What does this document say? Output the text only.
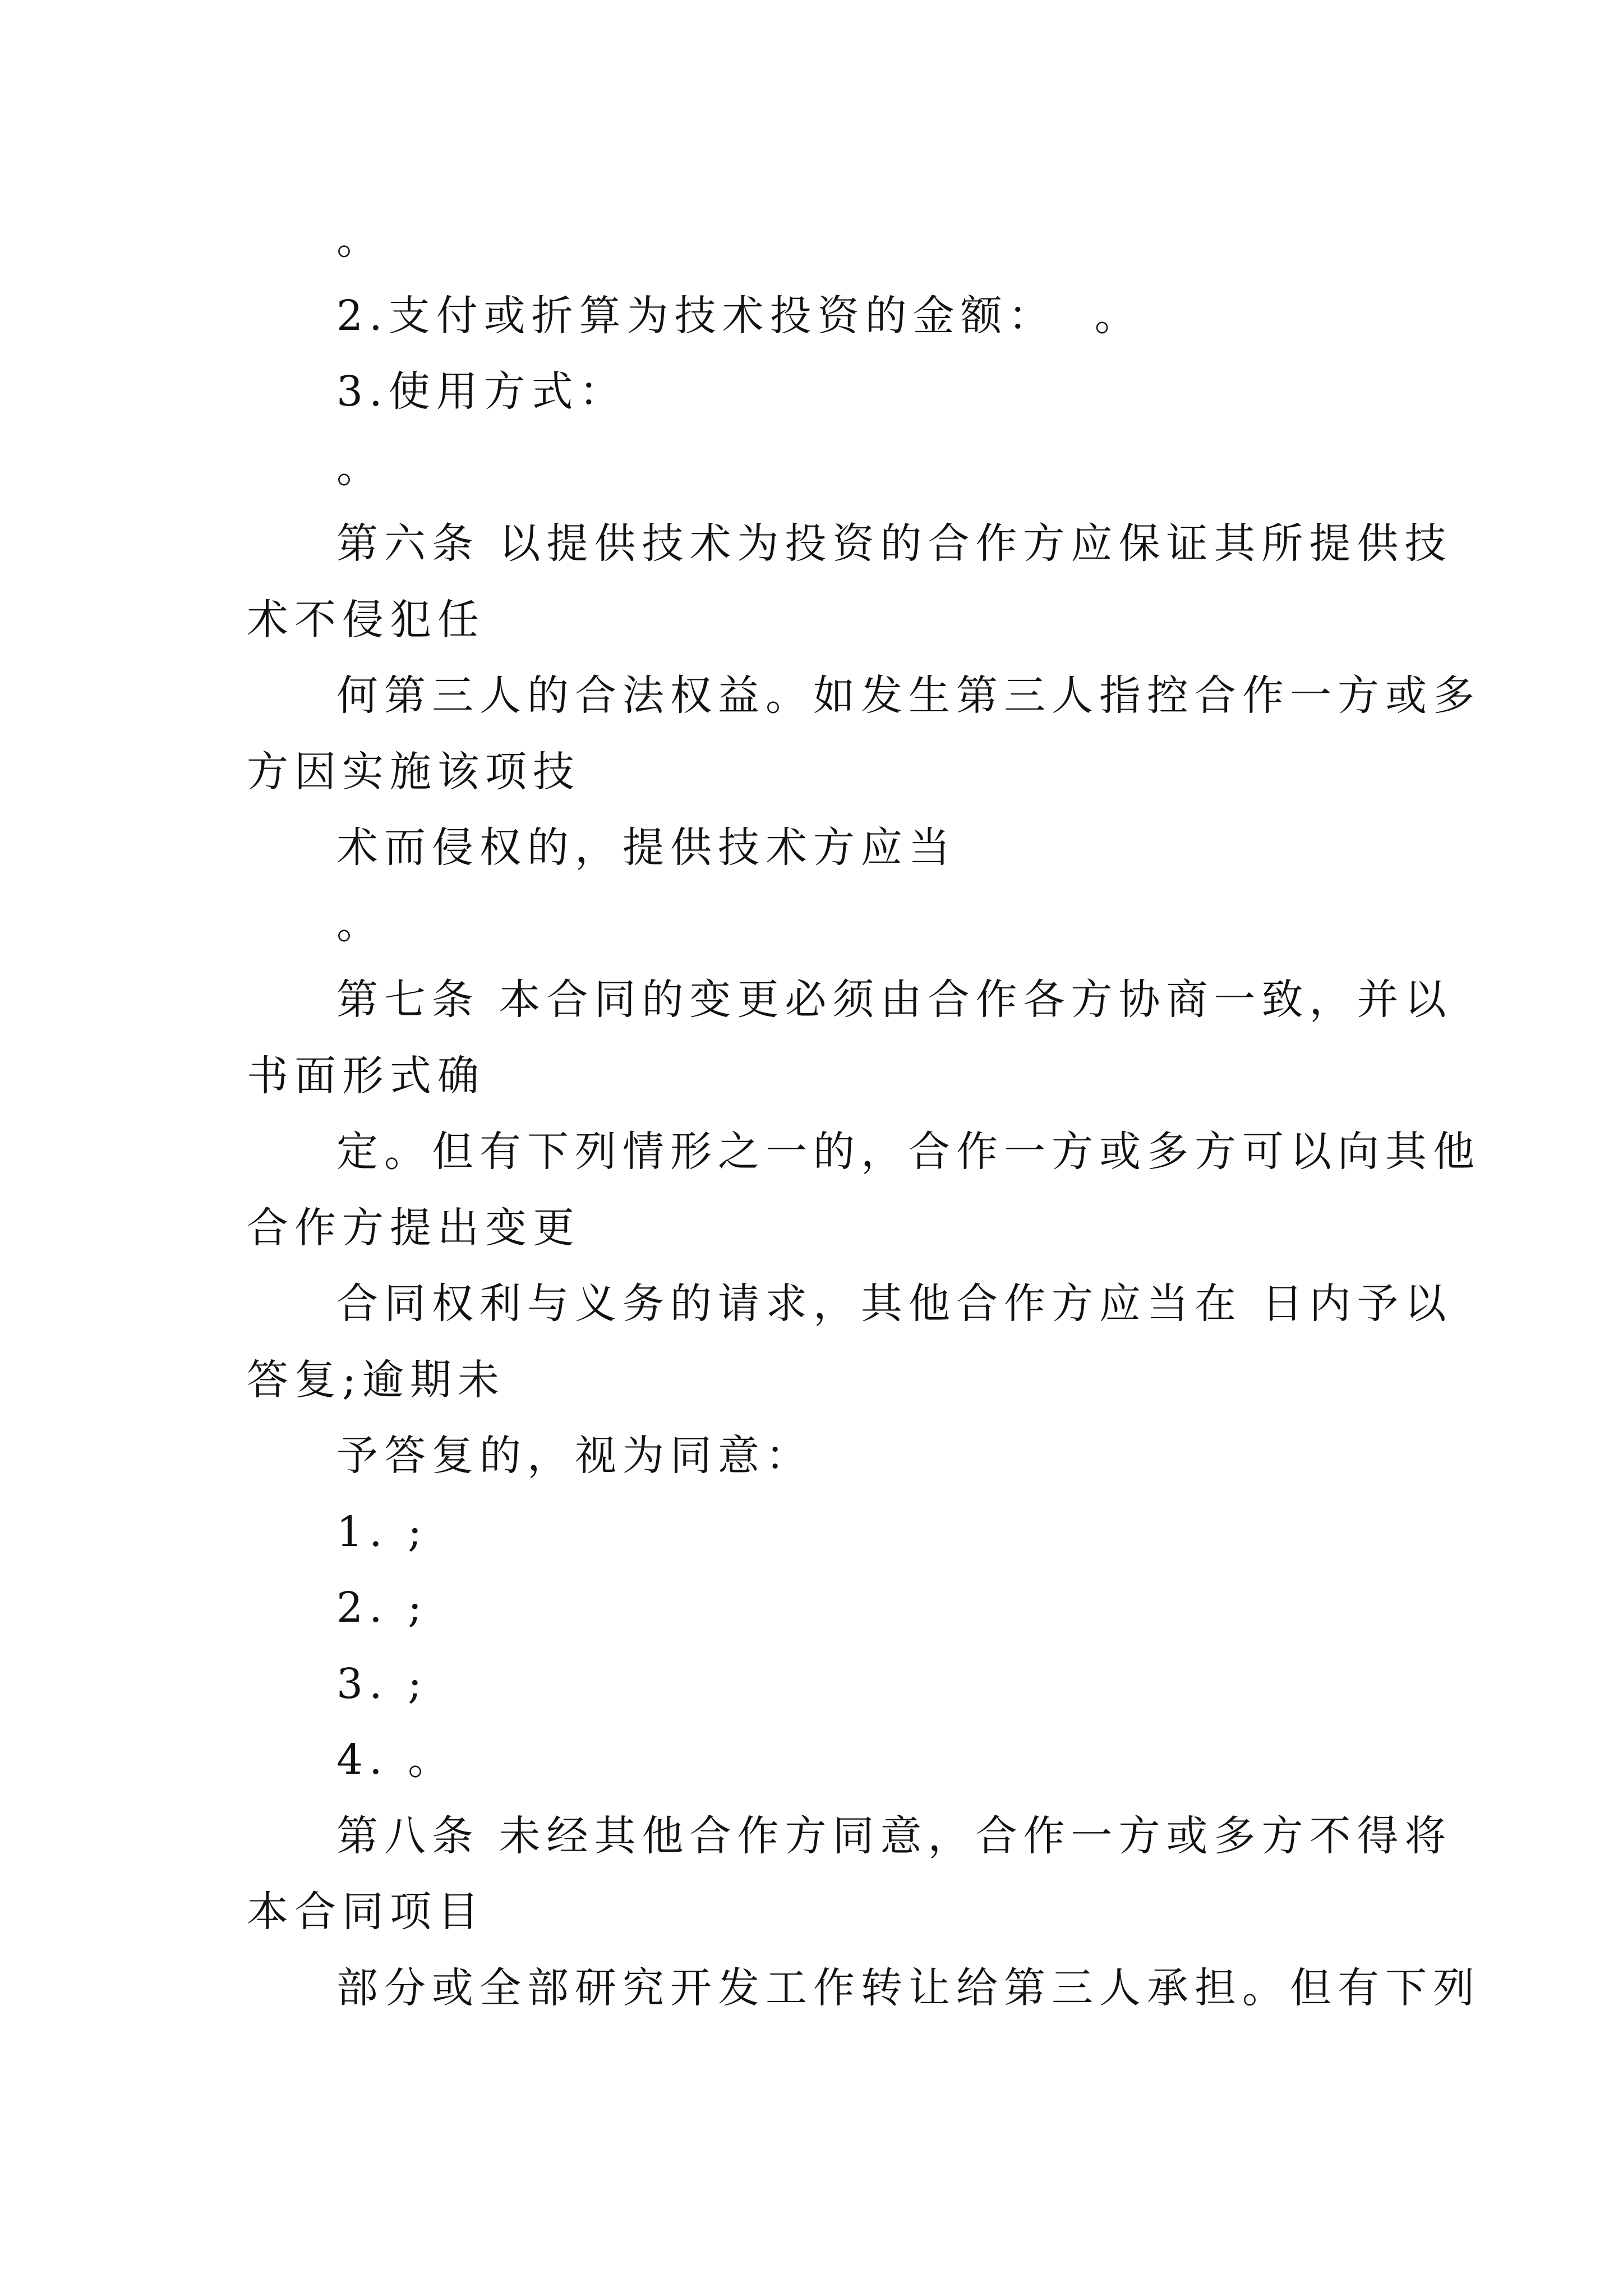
。
2.支付或折算为技术投资的金额：  。
3.使用方式：
。
第六条 以提供技术为投资的合作方应保证其所提供技
术不侵犯任
何第三人的合法权益。如发生第三人指控合作一方或多
方因实施该项技
术而侵权的，提供技术方应当
。
第七条 本合同的变更必须由合作各方协商一致，并以
书面形式确
定。但有下列情形之一的，合作一方或多方可以向其他
合作方提出变更
合同权利与义务的请求，其他合作方应当在 日内予以
答复;逾期未
予答复的，视为同意：
1. ;
2. ;
3. ;
4. 。
第八条 未经其他合作方同意，合作一方或多方不得将
本合同项目
部分或全部研究开发工作转让给第三人承担。但有下列
